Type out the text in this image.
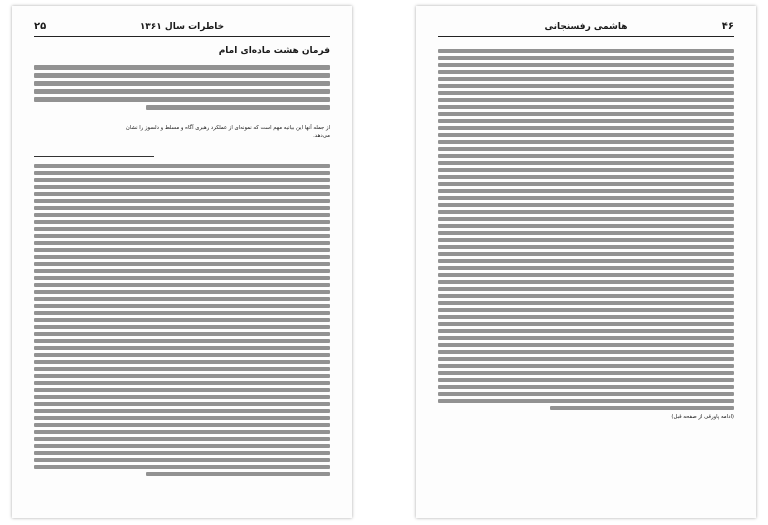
خاطرات سال ۱۳۶۱
۲۵
فرمان هشت ماده‌ای امام
از جمله آنها این بیانیه مهم است که نمونه‌ای از عملکرد رهبری آگاه و مسلط و دلسوز را نشان
می‌دهد.
هاشمی رفسنجانی	۴۶
(ادامه پاورقی از صفحه قبل)
